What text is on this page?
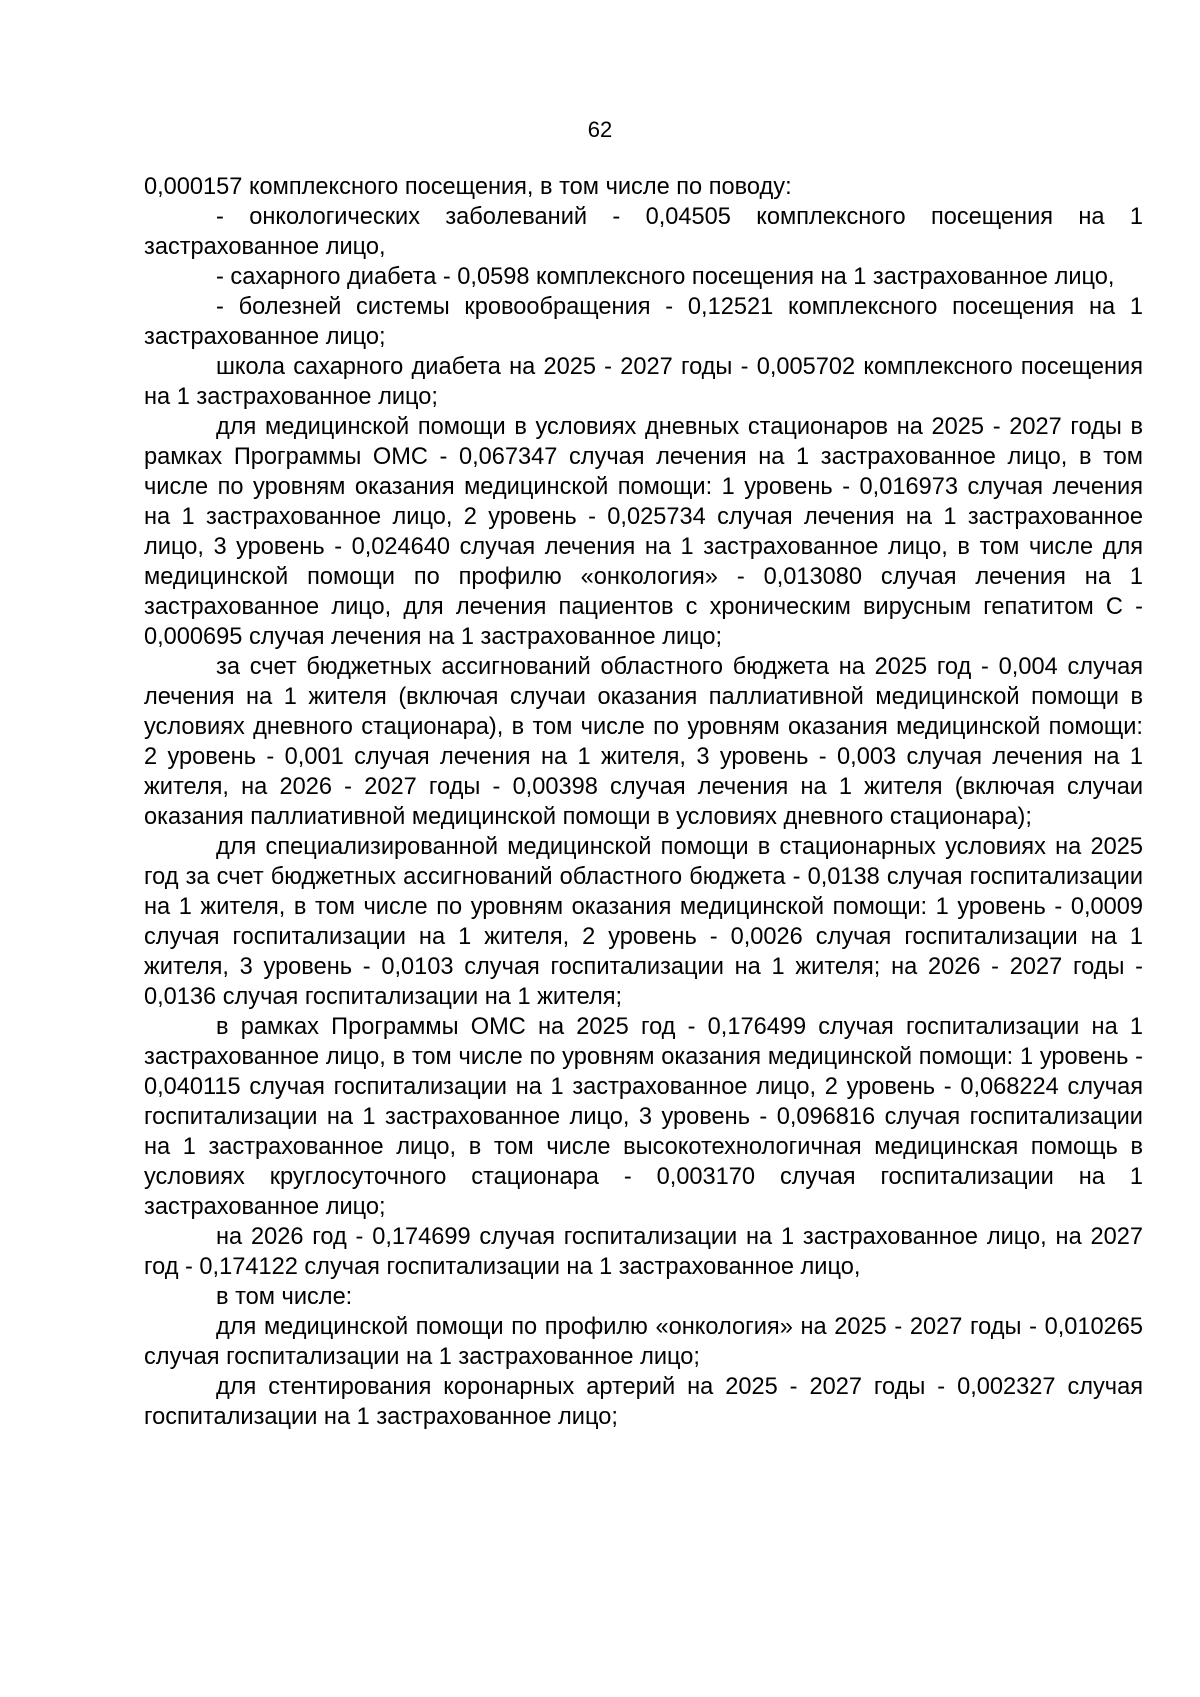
62

0,000157 комплексного посещения, в том числе по поводу:

- онкологических заболеваний - 0,04505 комплексного посещения на 1 застрахованное лицо,

- сахарного диабета - 0,0598 комплексного посещения на 1 застрахованное лицо,

- болезней системы кровообращения - 0,12521 комплексного посещения на 1 застрахованное лицо;

школа сахарного диабета на 2025 - 2027 годы - 0,005702 комплексного посещения на 1 застрахованное лицо;

для медицинской помощи в условиях дневных стационаров на 2025 - 2027 годы в рамках Программы ОМС - 0,067347 случая лечения на 1 застрахованное лицо, в том числе по уровням оказания медицинской помощи: 1 уровень - 0,016973 случая лечения на 1 застрахованное лицо, 2 уровень - 0,025734 случая лечения на 1 застрахованное лицо, 3 уровень - 0,024640 случая лечения на 1 застрахованное лицо, в том числе для медицинской помощи по профилю «онкология» - 0,013080 случая лечения на 1 застрахованное лицо, для лечения пациентов с хроническим вирусным гепатитом С - 0,000695 случая лечения на 1 застрахованное лицо;

за счет бюджетных ассигнований областного бюджета на 2025 год - 0,004 случая лечения на 1 жителя (включая случаи оказания паллиативной медицинской помощи в условиях дневного стационара), в том числе по уровням оказания медицинской помощи: 2 уровень - 0,001 случая лечения на 1 жителя, 3 уровень - 0,003 случая лечения на 1 жителя, на 2026 - 2027 годы - 0,00398 случая лечения на 1 жителя (включая случаи оказания паллиативной медицинской помощи в условиях дневного стационара);

для специализированной медицинской помощи в стационарных условиях на 2025 год за счет бюджетных ассигнований областного бюджета - 0,0138 случая госпитализации на 1 жителя, в том числе по уровням оказания медицинской помощи: 1 уровень - 0,0009 случая госпитализации на 1 жителя, 2 уровень - 0,0026 случая госпитализации на 1 жителя, 3 уровень - 0,0103 случая госпитализации на 1 жителя; на 2026 - 2027 годы - 0,0136 случая госпитализации на 1 жителя;

в рамках Программы ОМС на 2025 год - 0,176499 случая госпитализации на 1 застрахованное лицо, в том числе по уровням оказания медицинской помощи: 1 уровень - 0,040115 случая госпитализации на 1 застрахованное лицо, 2 уровень - 0,068224 случая госпитализации на 1 застрахованное лицо, 3 уровень - 0,096816 случая госпитализации на 1 застрахованное лицо, в том числе высокотехнологичная медицинская помощь в условиях круглосуточного стационара - 0,003170 случая госпитализации на 1 застрахованное лицо;

на 2026 год - 0,174699 случая госпитализации на 1 застрахованное лицо, на 2027 год - 0,174122 случая госпитализации на 1 застрахованное лицо,

в том числе:

для медицинской помощи по профилю «онкология» на 2025 - 2027 годы - 0,010265 случая госпитализации на 1 застрахованное лицо;

для стентирования коронарных артерий на 2025 - 2027 годы - 0,002327 случая госпитализации на 1 застрахованное лицо;
